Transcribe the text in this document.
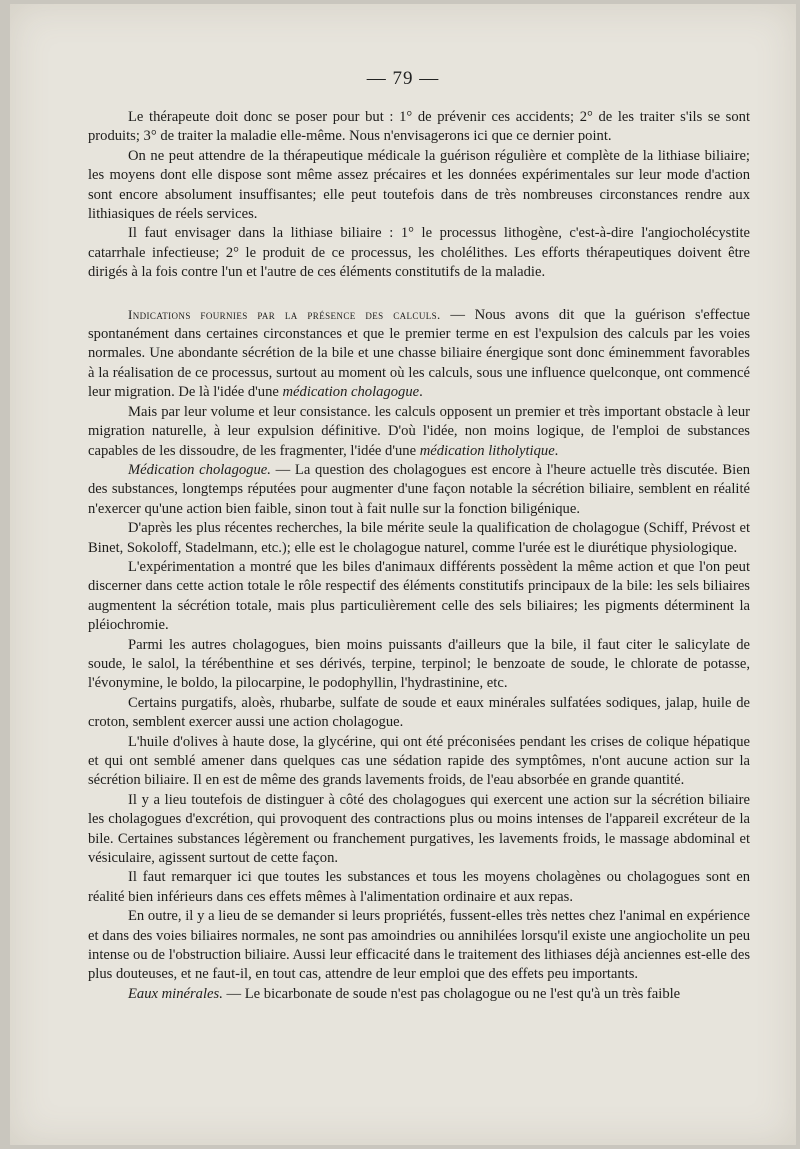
— 79 —

Le thérapeute doit donc se poser pour but : 1° de prévenir ces accidents; 2° de les traiter s'ils se sont produits; 3° de traiter la maladie elle-même. Nous n'envisagerons ici que ce dernier point.

On ne peut attendre de la thérapeutique médicale la guérison régulière et complète de la lithiase biliaire; les moyens dont elle dispose sont même assez précaires et les données expérimentales sur leur mode d'action sont encore absolument insuffisantes; elle peut toutefois dans de très nombreuses circonstances rendre aux lithiasiques de réels services.

Il faut envisager dans la lithiase biliaire : 1° le processus lithogène, c'est-à-dire l'angiocholécystite catarrhale infectieuse; 2° le produit de ce processus, les cholélithes. Les efforts thérapeutiques doivent être dirigés à la fois contre l'un et l'autre de ces éléments constitutifs de la maladie.

Indications fournies par la présence des calculs. — Nous avons dit que la guérison s'effectue spontanément dans certaines circonstances et que le premier terme en est l'expulsion des calculs par les voies normales. Une abondante sécrétion de la bile et une chasse biliaire énergique sont donc éminemment favorables à la réalisation de ce processus, surtout au moment où les calculs, sous une influence quelconque, ont commencé leur migration. De là l'idée d'une médication cholagogue.

Mais par leur volume et leur consistance. les calculs opposent un premier et très important obstacle à leur migration naturelle, à leur expulsion définitive. D'où l'idée, non moins logique, de l'emploi de substances capables de les dissoudre, de les fragmenter, l'idée d'une médication litholytique.

Médication cholagogue. — La question des cholagogues est encore à l'heure actuelle très discutée. Bien des substances, longtemps réputées pour augmenter d'une façon notable la sécrétion biliaire, semblent en réalité n'exercer qu'une action bien faible, sinon tout à fait nulle sur la fonction biligénique.

D'après les plus récentes recherches, la bile mérite seule la qualification de cholagogue (Schiff, Prévost et Binet, Sokoloff, Stadelmann, etc.); elle est le cholagogue naturel, comme l'urée est le diurétique physiologique.

L'expérimentation a montré que les biles d'animaux différents possèdent la même action et que l'on peut discerner dans cette action totale le rôle respectif des éléments constitutifs principaux de la bile: les sels biliaires augmentent la sécrétion totale, mais plus particulièrement celle des sels biliaires; les pigments déterminent la pléiochromie.

Parmi les autres cholagogues, bien moins puissants d'ailleurs que la bile, il faut citer le salicylate de soude, le salol, la térébenthine et ses dérivés, terpine, terpinol; le benzoate de soude, le chlorate de potasse, l'évonymine, le boldo, la pilocarpine, le podophyllin, l'hydrastinine, etc.

Certains purgatifs, aloès, rhubarbe, sulfate de soude et eaux minérales sulfatées sodiques, jalap, huile de croton, semblent exercer aussi une action cholagogue.

L'huile d'olives à haute dose, la glycérine, qui ont été préconisées pendant les crises de colique hépatique et qui ont semblé amener dans quelques cas une sédation rapide des symptômes, n'ont aucune action sur la sécrétion biliaire. Il en est de même des grands lavements froids, de l'eau absorbée en grande quantité.

Il y a lieu toutefois de distinguer à côté des cholagogues qui exercent une action sur la sécrétion biliaire les cholagogues d'excrétion, qui provoquent des contractions plus ou moins intenses de l'appareil excréteur de la bile. Certaines substances légèrement ou franchement purgatives, les lavements froids, le massage abdominal et vésiculaire, agissent surtout de cette façon.

Il faut remarquer ici que toutes les substances et tous les moyens cholagènes ou cholagogues sont en réalité bien inférieurs dans ces effets mêmes à l'alimentation ordinaire et aux repas.

En outre, il y a lieu de se demander si leurs propriétés, fussent-elles très nettes chez l'animal en expérience et dans des voies biliaires normales, ne sont pas amoindries ou annihilées lorsqu'il existe une angiocholite un peu intense ou de l'obstruction biliaire. Aussi leur efficacité dans le traitement des lithiases déjà anciennes est-elle des plus douteuses, et ne faut-il, en tout cas, attendre de leur emploi que des effets peu importants.

Eaux minérales. — Le bicarbonate de soude n'est pas cholagogue ou ne l'est qu'à un très faible
